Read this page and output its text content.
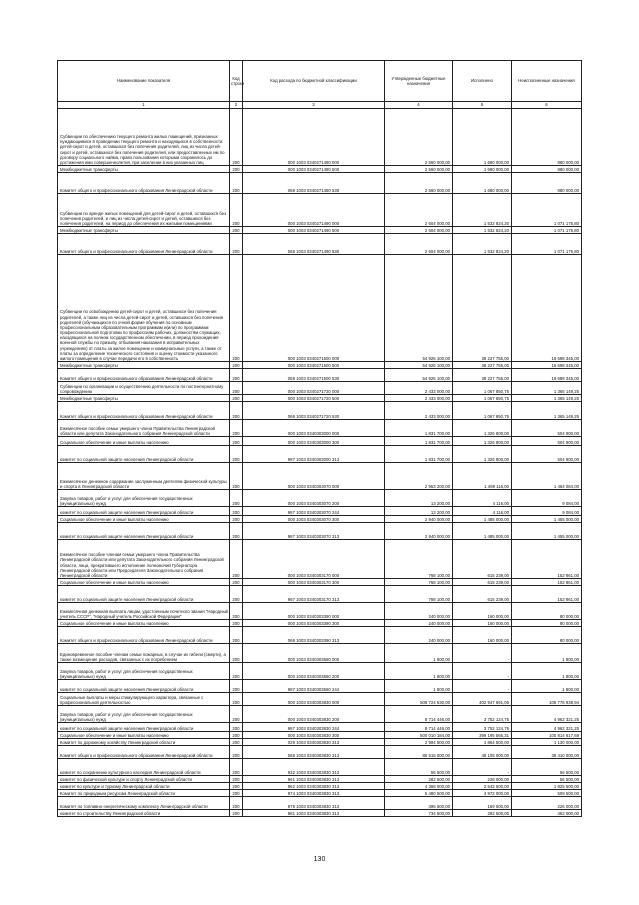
Наименование показателя	Код строки	Код расхода по бюджетной классификации	Утвержденные бюджетные назначения	Исполнено	Неисполненные назначения
1	2	3	4	5	6
Субвенции по обеспечению текущего ремонта жилых помещений, признанных нуждающимися в проведении текущего ремонта и находящихся в собственности детей-сирот и детей, оставшихся без попечения родителей, лиц из числа детей-сирот и детей, оставшихся без попечения родителей, или предоставленных им по договору социального найма, право пользования которыми сохранилось до достижения ими совершеннолетия, при заселении в них указанных лиц	200	000 1003 0340271480 000	2 560 000,00	1 680 000,00	880 000,00
Межбюджетные трансферты	200	000 1003 0340271480 500	2 560 000,00	1 680 000,00	880 000,00
Комитет общего и профессионального образования Ленинградской области	200	068 1003 0340271480 530	2 560 000,00	1 680 000,00	880 000,00
Субвенции по аренде жилых помещений для детей-сирот и детей, оставшихся без попечения родителей, и лиц из числа детей-сирот и детей, оставшихся без попечения родителей, на период до обеспечения их жилыми помещениями	200	000 1003 0340271490 000	2 604 000,00	1 532 824,20	1 071 175,80
Межбюджетные трансферты	200	000 1003 0340271490 500	2 604 000,00	1 532 824,20	1 071 175,80
Комитет общего и профессионального образования Ленинградской области	200	068 1003 0340271490 530	2 604 000,00	1 532 824,20	1 071 175,80
Субвенции по освобождению детей-сирот и детей, оставшихся без попечения родителей, а также лиц из числа детей-сирот и детей, оставшихся без попечения родителей (обучающихся по очной форме обучения по основным профессиональным образовательным программам и(или) по программам профессиональной подготовки по профессиям рабочих, должностям служащих, находящихся на полном государственном обеспечении, в период прохождения военной службы по призыву, отбывания наказания в исправительных учреждениях) от платы за жилое помещение и коммунальные услуги, а также от платы за определение технического состояния и оценку стоимости указанного жилого помещения в случае передачи его в собственность	200	000 1003 0340271500 000	54 926 100,00	38 227 755,00	16 698 345,00
Межбюджетные трансферты	200	000 1003 0340271500 500	54 926 100,00	38 227 755,00	16 698 345,00
Комитет общего и профессионального образования Ленинградской области	200	068 1003 0340271500 530	54 926 100,00	38 227 755,00	16 698 345,00
Субвенции по организации и осуществлению деятельности по постинтернатному сопровождению	200	000 1003 0340271720 000	2 433 000,00	1 067 850,75	1 365 149,25
Межбюджетные трансферты	200	000 1003 0340271720 500	2 433 000,00	1 067 850,75	1 365 149,25
Комитет общего и профессионального образования Ленинградской области	200	068 1003 0340271720 530	2 433 000,00	1 067 850,75	1 365 149,25
Ежемесячное пособие семье умершего члена Правительства Ленинградской области или депутата Законодательного собрания Ленинградской области	200	000 1003 0340303000 000	1 831 700,00	1 326 800,00	504 900,00
Социальное обеспечение и иные выплаты населению	200	000 1003 0340303000 300	1 831 700,00	1 326 800,00	504 900,00
комитет по социальной защите населения Ленинградской области	200	987 1003 0340303000 313	1 831 700,00	1 326 800,00	504 900,00
Ежемесячное денежное содержание заслуженным деятелям физической культуры и спорта в Ленинградской области	200	000 1003 0340303070 000	2 953 200,00	1 489 116,00	1 464 084,00
Закупка товаров, работ и услуг для обеспечения государственных (муниципальных) нужд	200	000 1003 0340303070 200	13 200,00	4 116,00	9 084,00
комитет по социальной защите населения Ленинградской области	200	987 1003 0340303070 244	13 200,00	4 116,00	9 084,00
Социальное обеспечение и иные выплаты населению	200	000 1003 0340303070 300	2 940 000,00	1 485 000,00	1 455 000,00
комитет по социальной защите населения Ленинградской области	200	987 1003 0340303070 313	2 940 000,00	1 485 000,00	1 455 000,00
Ежемесячное пособие членам семьи умершего члена Правительства Ленинградской области или депутата Законодательного собрания Ленинградской области, лица, прекратившего исполнение полномочий Губернатора Ленинградской области или Председателя Законодательного собрания Ленинградской области	200	000 1003 0340303170 000	768 100,00	615 239,00	152 861,00
Социальное обеспечение и иные выплаты населению	200	000 1003 0340303170 300	768 100,00	615 239,00	152 861,00
комитет по социальной защите населения Ленинградской области	200	987 1003 0340303170 313	768 100,00	615 239,00	152 861,00
Ежемесячная денежная выплата лицам, удостоенным почетного звания "Народный учитель СССР", "Народный учитель Российской Федерации"	200	000 1003 0340303390 000	240 000,00	160 000,00	80 000,00
Социальное обеспечение и иные выплаты населению	200	000 1003 0340303390 300	240 000,00	160 000,00	80 000,00
Комитет общего и профессионального образования Ленинградской области	200	068 1003 0340303390 313	240 000,00	160 000,00	80 000,00
Единовременное пособие членам семьи пожарных, в случае их гибели (смерти), а также возмещение расходов, связанных с их погребением	200	000 1003 0340303560 000	1 800,00	-	1 800,00
Закупка товаров, работ и услуг для обеспечения государственных (муниципальных) нужд	200	000 1003 0340303560 200	1 800,00	-	1 800,00
комитет по социальной защите населения Ленинградской области	200	987 1003 0340303560 244	1 800,00	-	1 800,00
Социальные выплаты и меры стимулирующего характера, связанные с профессиональной деятельностью	200	000 1003 0340303830 000	508 724 630,00	402 947 691,06	105 776 938,94
Закупка товаров, работ и услуг для обеспечения государственных (муниципальных) нужд	200	000 1003 0340303830 200	8 714 446,00	3 752 124,75	4 962 321,25
комитет по социальной защите населения Ленинградской области	200	987 1003 0340303830 244	8 714 446,00	3 752 124,75	4 962 321,25
Социальное обеспечение и иные выплаты населению	200	000 1003 0340303830 300	500 010 184,00	399 195 566,31	100 814 617,69
Комитет по дорожному хозяйству Ленинградской области	200	029 1003 0340303830 313	2 994 500,00	1 864 500,00	1 130 000,00
Комитет общего и профессионального образования Ленинградской области	200	068 1003 0340303830 313	86 515 000,00	48 105 000,00	38 410 000,00
комитет по сохранению культурного наследия Ленинградской области	200	932 1003 0340303830 313	56 500,00	-	56 500,00
комитет по физической культуре и спорту Ленинградской области	200	961 1003 0340303830 313	282 500,00	226 000,00	56 500,00
комитет по культуре и туризму Ленинградской области	200	962 1003 0340303830 313	4 368 000,00	2 542 500,00	1 825 500,00
Комитет по природным ресурсам Ленинградской области	200	974 1003 0340303830 313	5 480 500,00	4 972 000,00	508 500,00
Комитет по топливно-энергетическому комплексу Ленинградской области	200	978 1003 0340303830 313	395 500,00	169 500,00	226 000,00
комитет по строительству Ленинградской области	200	981 1003 0340303830 313	734 500,00	282 500,00	452 000,00
130
